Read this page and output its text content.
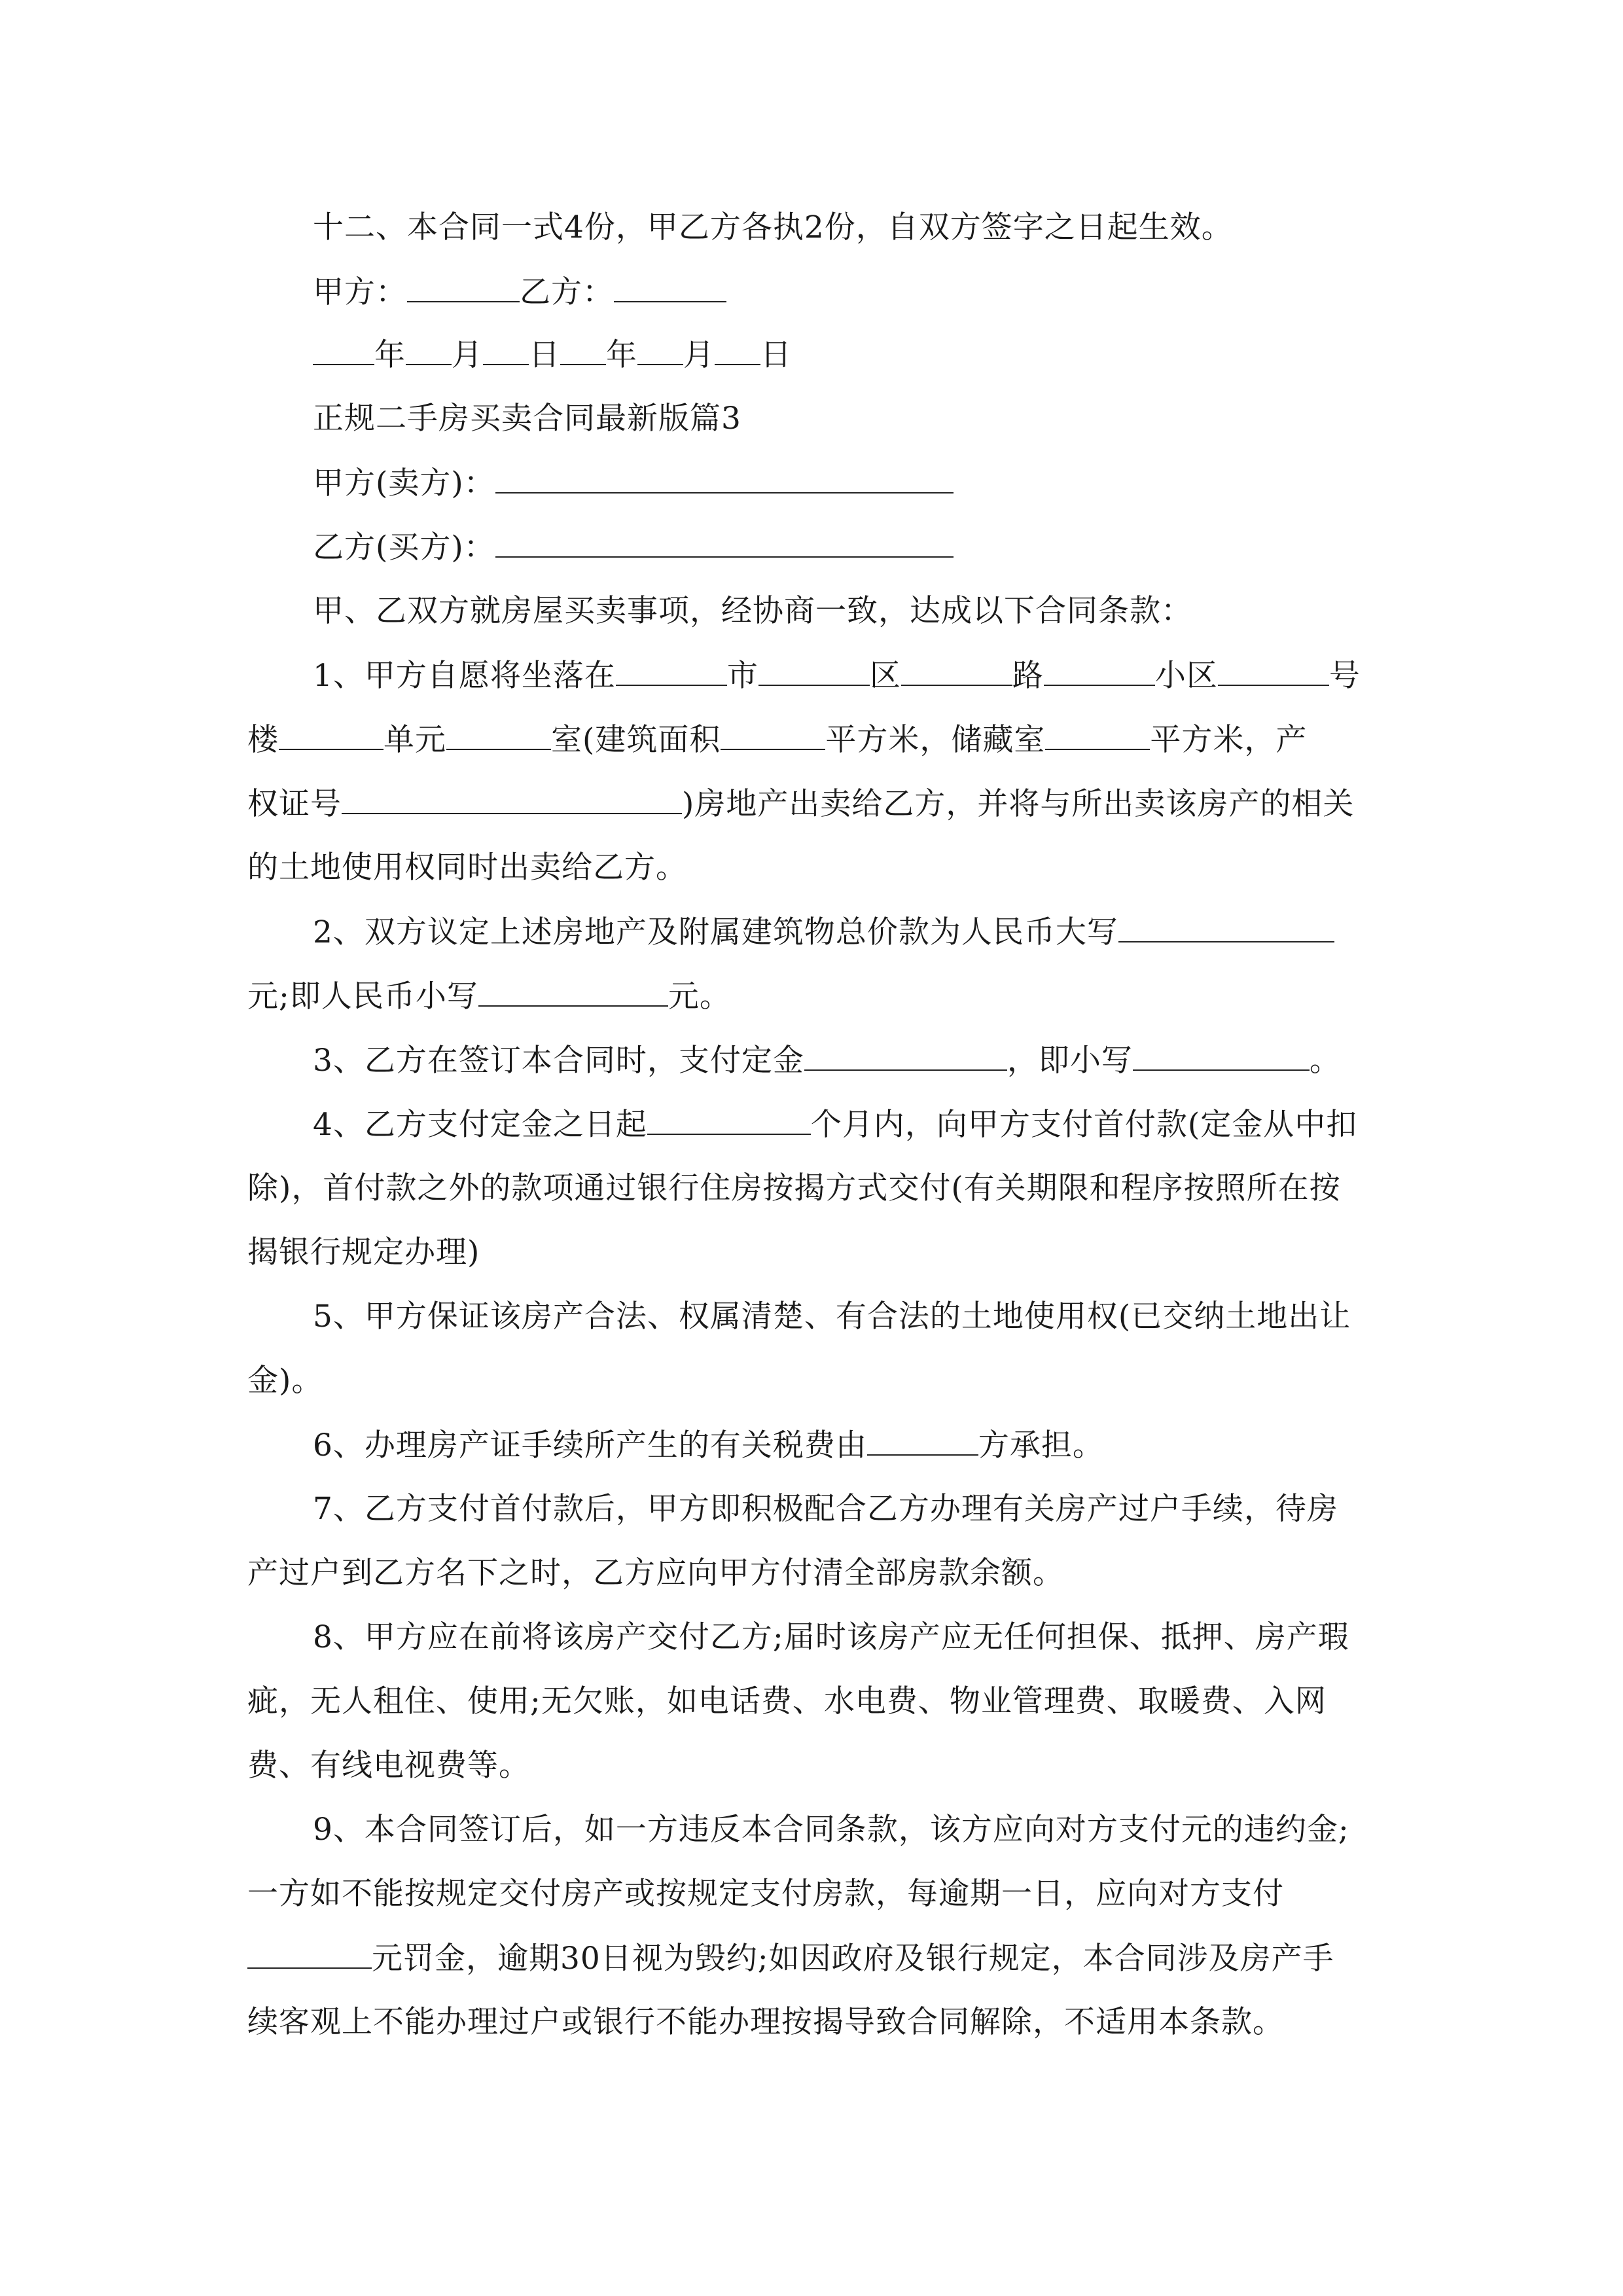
十二、本合同一式4份，甲乙方各执2份，自双方签字之日起生效。
甲方：	乙方：
年 月 日 年 月 日
正规二手房买卖合同最新版篇3
甲方(卖方)：
乙方(买方)：
甲、乙双方就房屋买卖事项，经协商一致，达成以下合同条款：
1、甲方自愿将坐落在	市	区	路	小区	号
楼	单元	室(建筑面积	平方米，储藏室	平方米，产
权证号	)房地产出卖给乙方，并将与所出卖该房产的相关
的土地使用权同时出卖给乙方。
2、双方议定上述房地产及附属建筑物总价款为人民币大写
元;即人民币小写	元。
3、乙方在签订本合同时，支付定金	，即小写	。
4、乙方支付定金之日起	个月内，向甲方支付首付款(定金从中扣
除)，首付款之外的款项通过银行住房按揭方式交付(有关期限和程序按照所在按
揭银行规定办理)
5、甲方保证该房产合法、权属清楚、有合法的土地使用权(已交纳土地出让
金)。
6、办理房产证手续所产生的有关税费由	方承担。
7、乙方支付首付款后，甲方即积极配合乙方办理有关房产过户手续，待房
产过户到乙方名下之时，乙方应向甲方付清全部房款余额。
8、甲方应在前将该房产交付乙方;届时该房产应无任何担保、抵押、房产瑕
疵，无人租住、使用;无欠账，如电话费、水电费、物业管理费、取暖费、入网
费、有线电视费等。
9、本合同签订后，如一方违反本合同条款，该方应向对方支付元的违约金;
一方如不能按规定交付房产或按规定支付房款，每逾期一日，应向对方支付
元罚金，逾期30日视为毁约;如因政府及银行规定，本合同涉及房产手
续客观上不能办理过户或银行不能办理按揭导致合同解除，不适用本条款。
